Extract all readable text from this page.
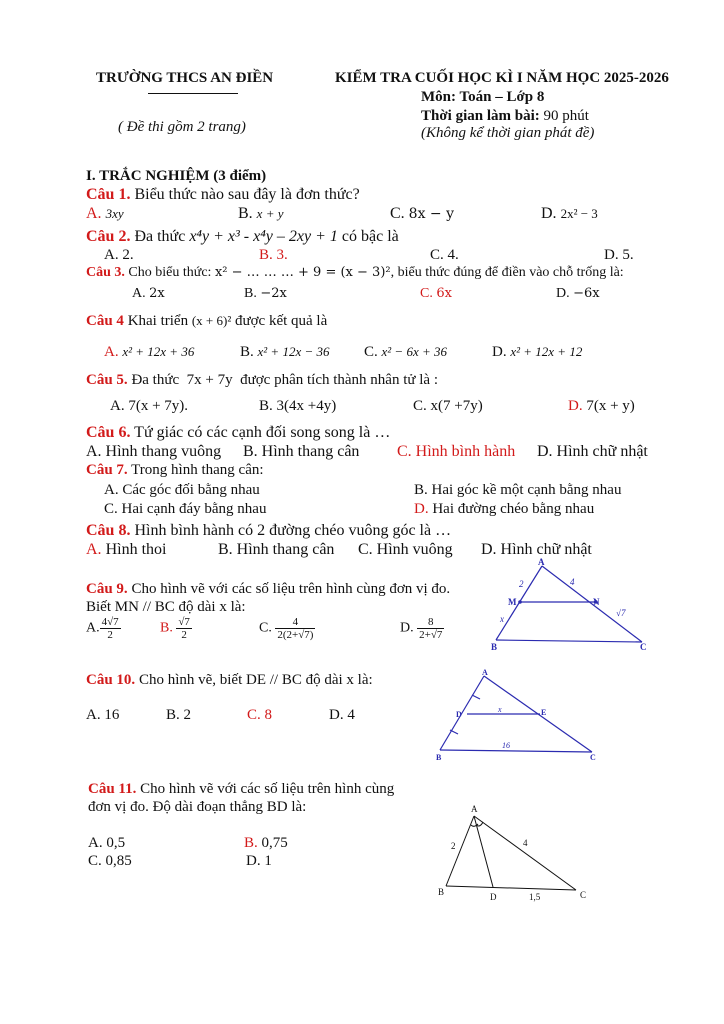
TRƯỜNG THCS AN ĐIỀN	KIỂM TRA CUỐI HỌC KÌ I NĂM HỌC 2025-2026
Môn: Toán – Lớp 8
Thời gian làm bài: 90 phút
(Không kể thời gian phát đề)
( Đề thi gồm 2 trang)
I. TRẮC NGHIỆM (3 điểm)
Câu 1. Biểu thức nào sau đây là đơn thức?
A. 3xy	B. x + y	C. 8x − y	D. 2x² − 3
Câu 2. Đa thức x⁴y + x³ - x⁴y – 2xy + 1 có bậc là
A. 2.	B. 3.	C. 4.	D. 5.
Câu 3. Cho biểu thức: x² − … … … + 9 = (x − 3)², biểu thức đúng để điền vào chỗ trống là:
A. 2x	B. −2x	C. 6x	D. −6x
Câu 4 Khai triển (x + 6)² được kết quả là
A. x² + 12x + 36	B. x² + 12x − 36 C. x² − 6x + 36	D. x² + 12x + 12
Câu 5. Đa thức 7x + 7y được phân tích thành nhân tử là :
A. 7(x + 7y).	B. 3(4x +4y)	C. x(7 +7y)	D. 7(x + y)
Câu 6. Tứ giác có các cạnh đối song song là …
A. Hình thang vuông B. Hình thang cân C. Hình bình hành D. Hình chữ nhật
Câu 7. Trong hình thang cân:
A. Các góc đối bằng nhau	B. Hai góc kề một cạnh bằng nhau
C. Hai cạnh đáy bằng nhau	D. Hai đường chéo bằng nhau
Câu 8. Hình bình hành có 2 đường chéo vuông góc là …
A. Hình thoi	B. Hình thang cân C. Hình vuông D. Hình chữ nhật
Câu 9. Cho hình vẽ với các số liệu trên hình cùng đơn vị đo.
Biết MN // BC độ dài x là:
A. $\frac{4√7}{2}$	B. $\frac{√7}{2}$	C. $\frac{4}{2(2+√7)}$	D. $\frac{8}{2+√7}$
A
B	C
M	N
2	4
x
√7
Câu 10. Cho hình vẽ, biết DE // BC độ dài x là:
A. 16	B. 2	C. 8	D. 4
A
B	C
D	E
x
16
Câu 11. Cho hình vẽ với các số liệu trên hình cùng
đơn vị đo. Độ dài đoạn thẳng BD là:
A. 0,5	B. 0,75
C. 0,85	D. 1
A
B	C
D
2	4
1,5
